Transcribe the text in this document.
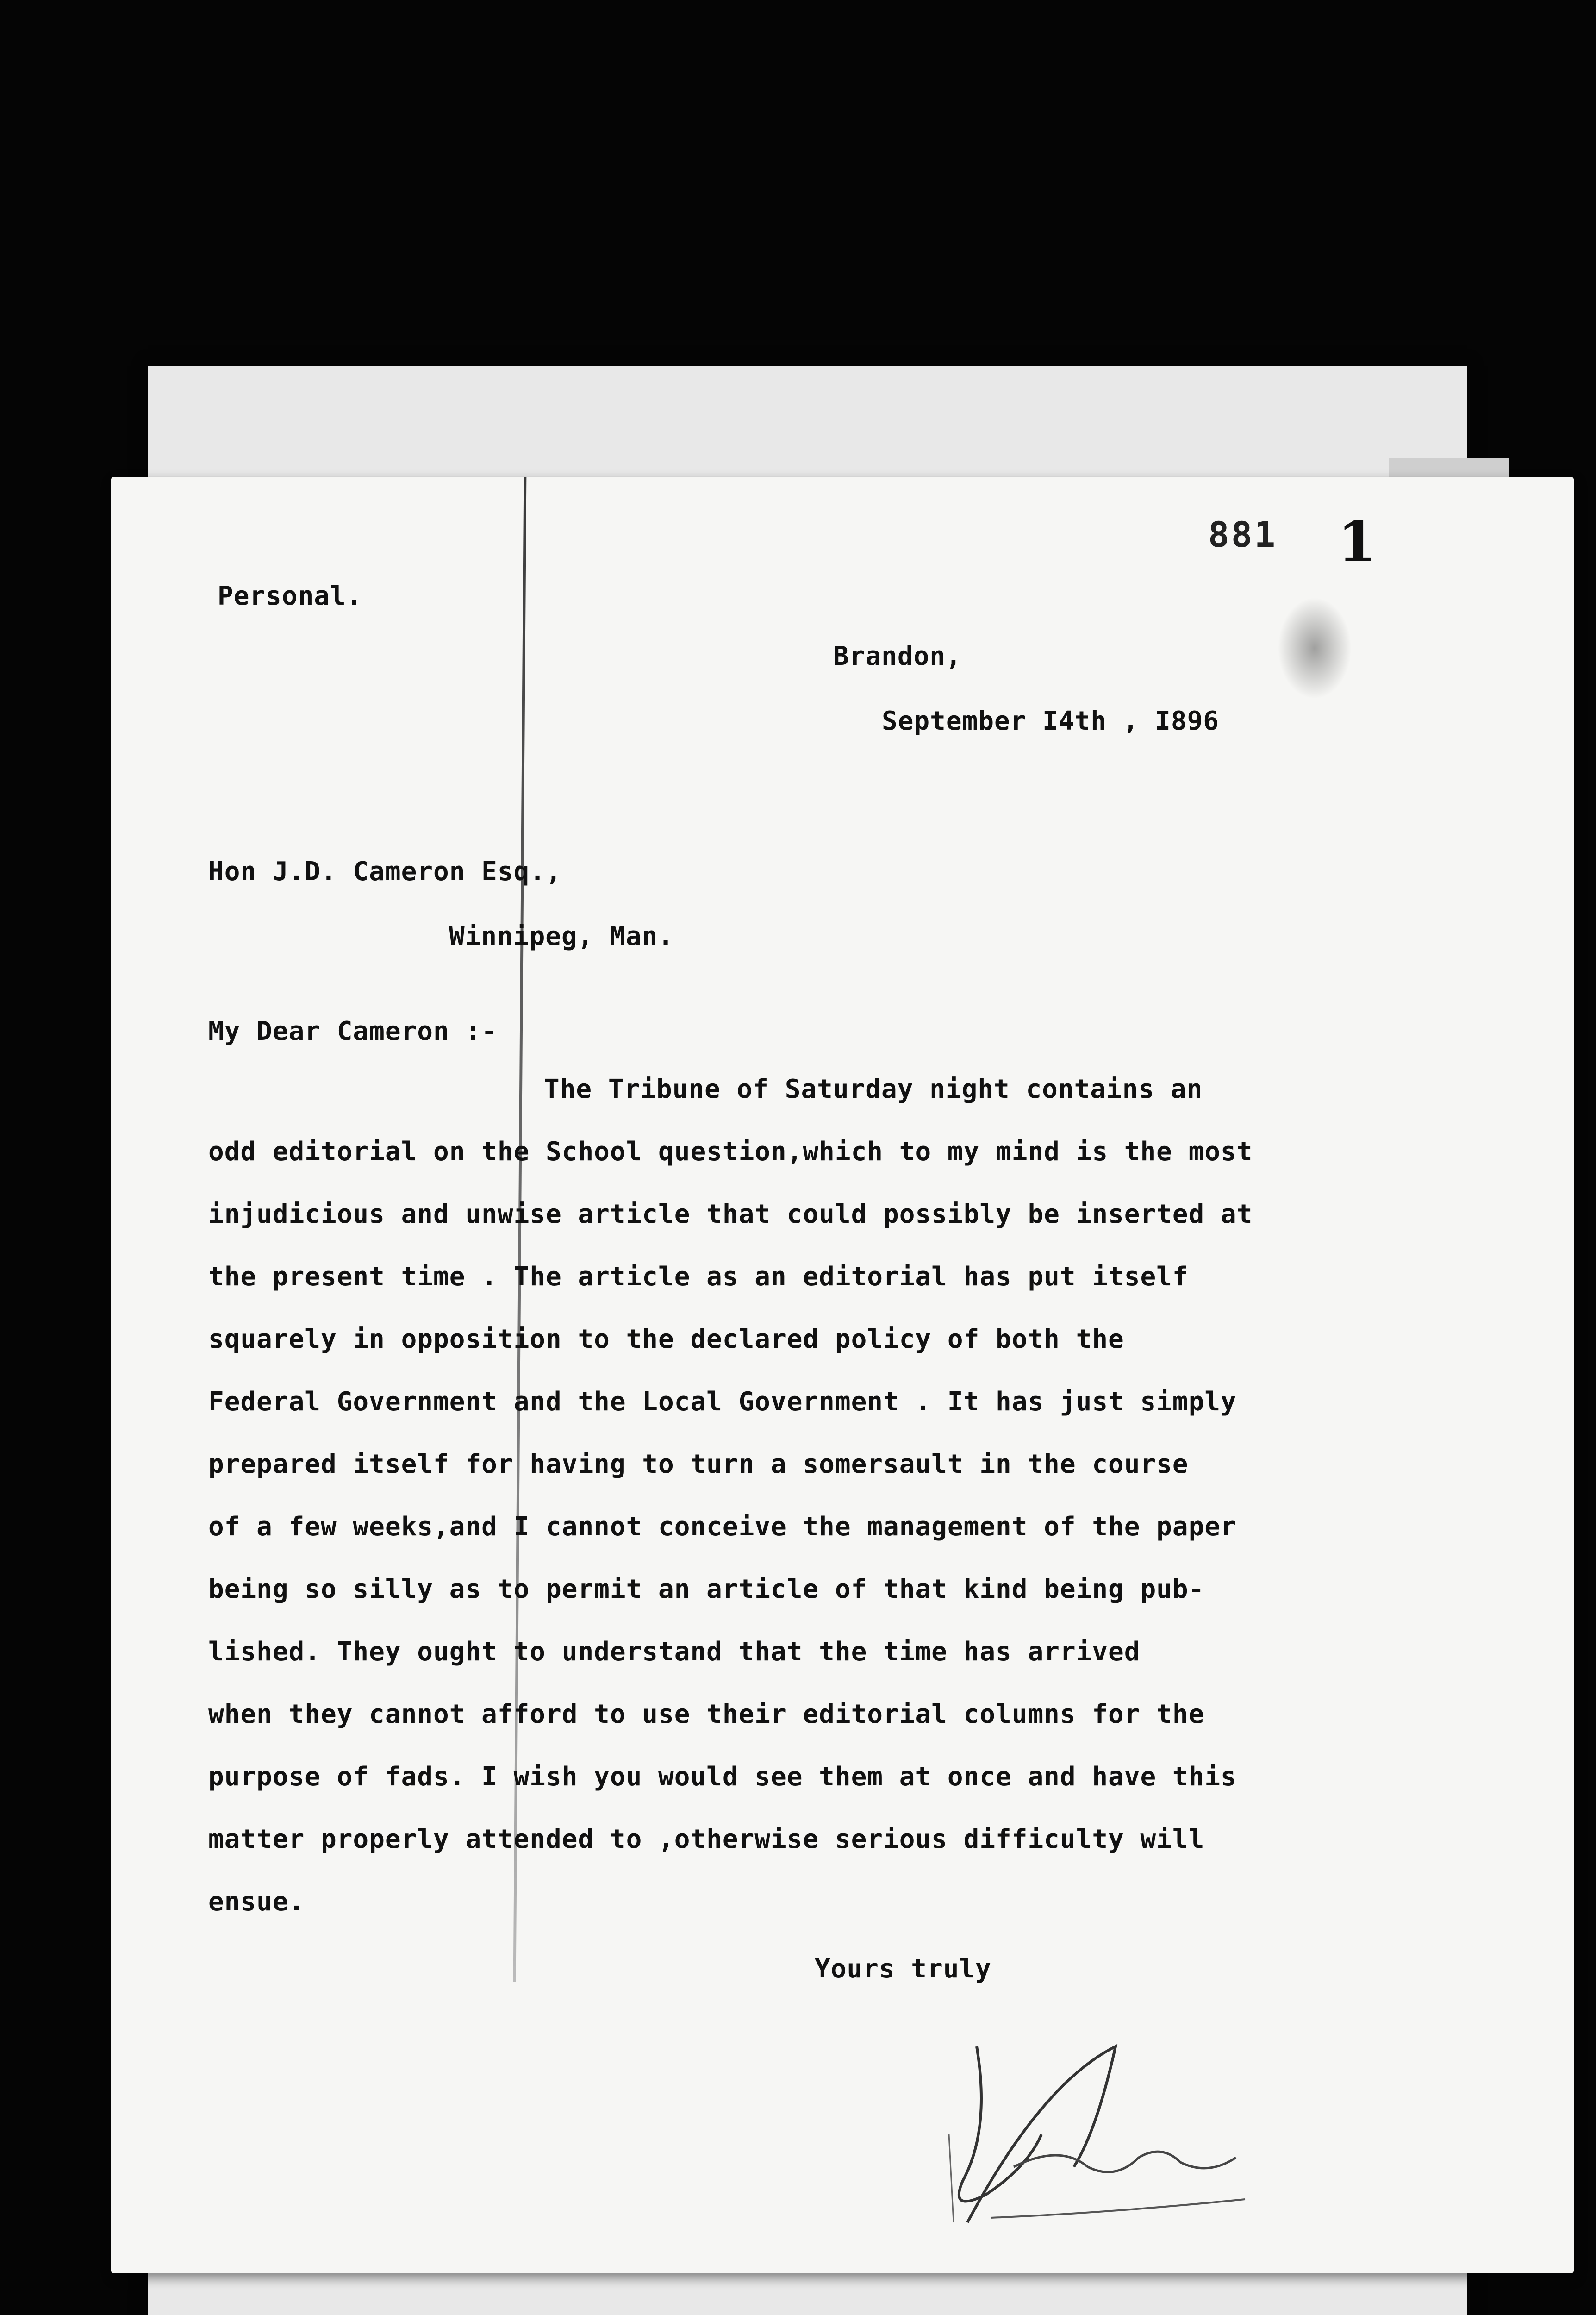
881 1
Personal.
Brandon,
September I4th , I896
Hon J.D. Cameron Esq.,
Winnipeg, Man.
My Dear Cameron :-
The Tribune of Saturday night contains an
odd editorial on the School question,which to my mind is the most
injudicious and unwise article that could possibly be inserted at
the present time . The article as an editorial has put itself
squarely in opposition to the declared policy of both the
Federal Government and the Local Government . It has just simply
prepared itself for having to turn a somersault in the course
of a few weeks,and I cannot conceive the management of the paper
being so silly as to permit an article of that kind being pub-
lished. They ought to understand that the time has arrived
when they cannot afford to use their editorial columns for the
purpose of fads. I wish you would see them at once and have this
matter properly attended to ,otherwise serious difficulty will
ensue.
Yours truly
